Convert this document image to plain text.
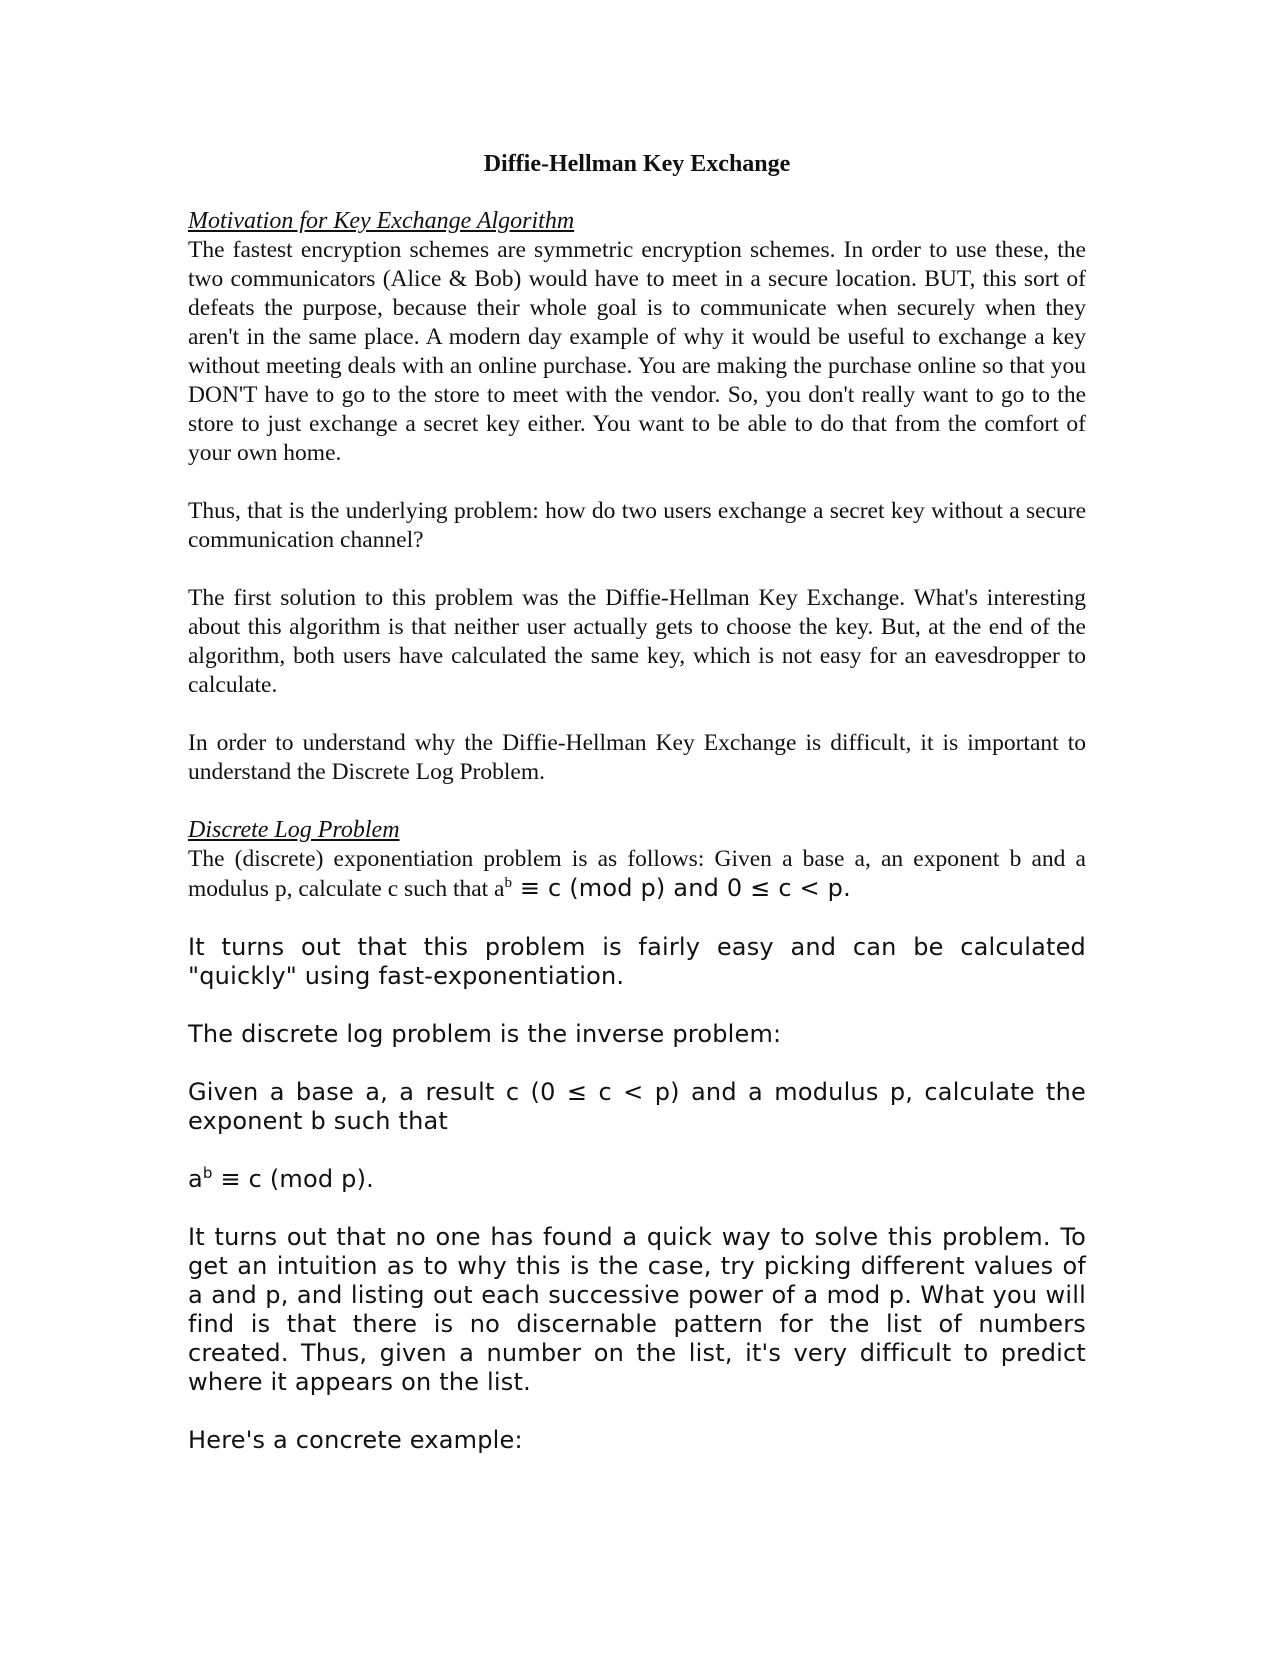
Diffie-Hellman Key Exchange
Motivation for Key Exchange Algorithm

The fastest encryption schemes are symmetric encryption schemes. In order to use these, the two communicators (Alice & Bob) would have to meet in a secure location. BUT, this sort of defeats the purpose, because their whole goal is to communicate when securely when they aren't in the same place. A modern day example of why it would be useful to exchange a key without meeting deals with an online purchase. You are making the purchase online so that you DON'T have to go to the store to meet with the vendor. So, you don't really want to go to the store to just exchange a secret key either. You want to be able to do that from the comfort of your own home.

Thus, that is the underlying problem: how do two users exchange a secret key without a secure communication channel?

The first solution to this problem was the Diffie-Hellman Key Exchange. What's interesting about this algorithm is that neither user actually gets to choose the key. But, at the end of the algorithm, both users have calculated the same key, which is not easy for an eavesdropper to calculate.

In order to understand why the Diffie-Hellman Key Exchange is difficult, it is important to understand the Discrete Log Problem.

Discrete Log Problem

The (discrete) exponentiation problem is as follows: Given a base a, an exponent b and a modulus p, calculate c such that $a^b \equiv c$ (mod p) and 0 ≤ c < p.

It turns out that this problem is fairly easy and can be calculated "quickly" using fast-exponentiation.

The discrete log problem is the inverse problem:

Given a base a, a result c (0 ≤ c < p) and a modulus p, calculate the exponent b such that

$a^b \equiv c$ (mod p).

It turns out that no one has found a quick way to solve this problem. To get an intuition as to why this is the case, try picking different values of a and p, and listing out each successive power of a mod p. What you will find is that there is no discernable pattern for the list of numbers created. Thus, given a number on the list, it's very difficult to predict where it appears on the list.

Here's a concrete example:
